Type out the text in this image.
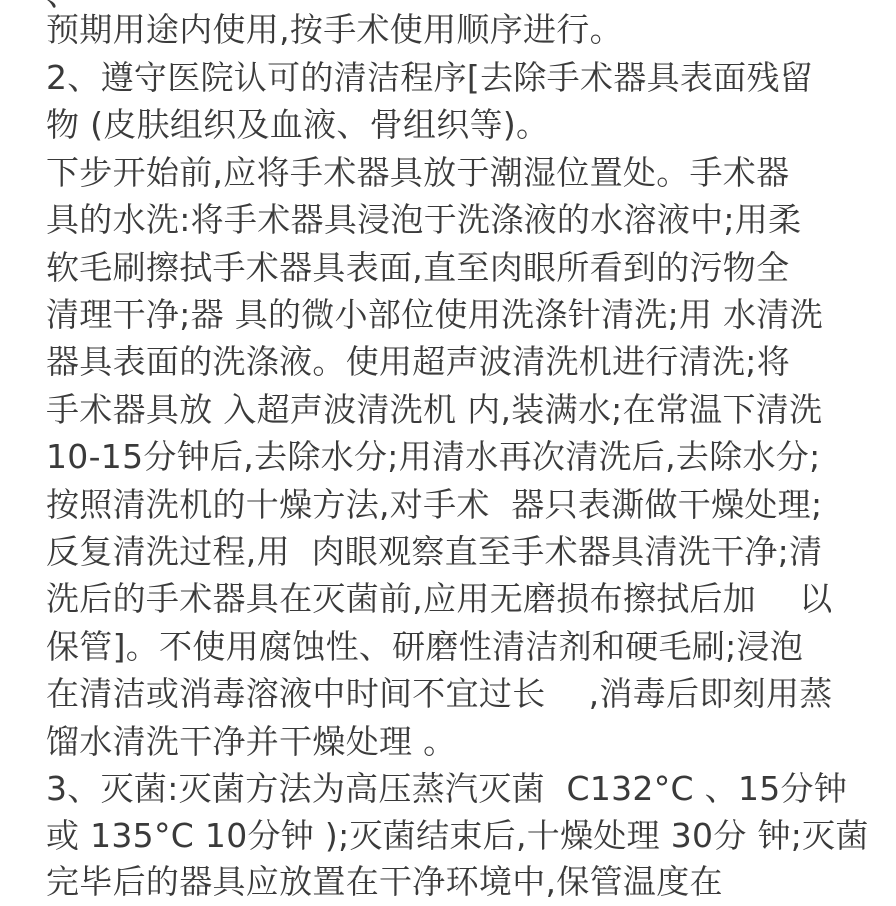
预期用途内使用,按手术使用顺序进行。
2、遵守医院认可的清洁程序[去除手术器具表面残留
物 (皮肤组织及血液、骨组织等)。
下步开始前,应将手术器具放于潮湿位置处。手术器
具的水洗:将手术器具浸泡于洗涤液的水溶液中;用柔
软毛刷擦拭手术器具表面,直至肉眼所看到的污物全
清理干净;器 具的微小部位使用洗涤针清洗;用 水清洗
器具表面的洗涤液。使用超声波清洗机进行清洗;将
手术器具放 入超声波清洗机 内,装满水;在常温下清洗
10-15分钟后,去除水分;用清水再次清洗后,去除水分;
按照清洗机的十燥方法,对手术  器只表澌做干燥处理;
反复清洗过程,用  肉眼观察直至手术器具清洗干净;清
洗后的手术器具在灭菌前,应用无磨损布擦拭后加    以
保管]。不使用腐蚀性、研磨性清洁剂和硬毛刷;浸泡
在清洁或消毒溶液中时间不宜过长    ,消毒后即刻用蒸
馏水清洗干净并干燥处理 。
3、灭菌:灭菌方法为高压蒸汽灭菌  C132°C 、15分钟
或 135°C 10分钟 );灭菌结束后,十燥处理 30分 钟;灭菌
完毕后的器具应放置在干净环境中,保管温度在
